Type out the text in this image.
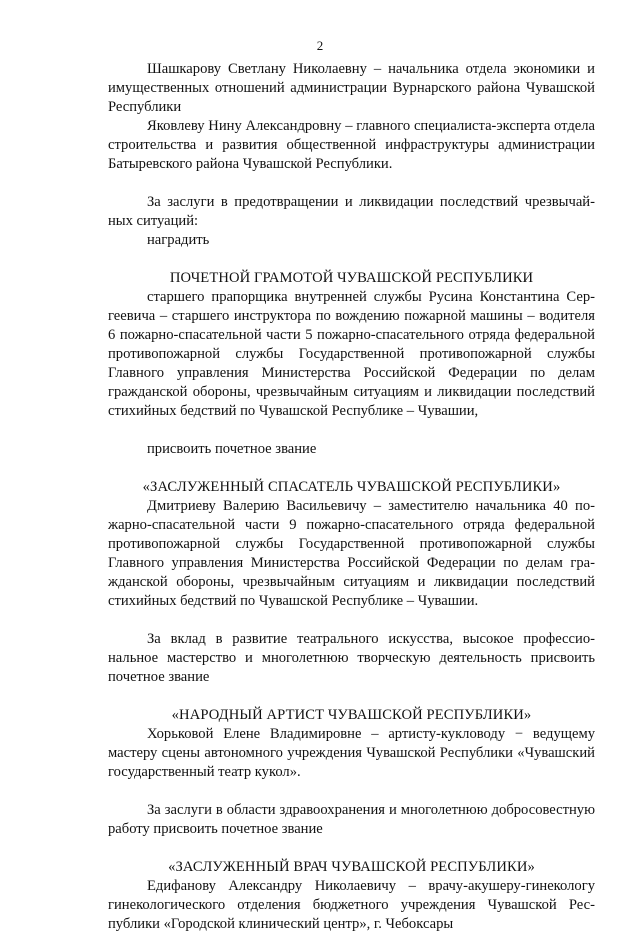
2

Шашкарову Светлану Николаевну – начальника отдела экономики и имущественных отношений администрации Вурнарского района Чувашской Республики

Яковлеву Нину Александровну – главного специалиста-эксперта отдела строительства и развития общественной инфраструктуры администрации Батыревского района Чувашской Республики.

За заслуги в предотвращении и ликвидации последствий чрезвычайных ситуаций:

наградить

ПОЧЕТНОЙ ГРАМОТОЙ ЧУВАШСКОЙ РЕСПУБЛИКИ

старшего прапорщика внутренней службы Русина Константина Сергеевича – старшего инструктора по вождению пожарной машины – водителя 6 пожарно-спасательной части 5 пожарно-спасательного отряда федеральной противопожарной службы Государственной противопожарной службы Главного управления Министерства Российской Федерации по делам гражданской обороны, чрезвычайным ситуациям и ликвидации последствий стихийных бедствий по Чувашской Республике – Чувашии,

присвоить почетное звание

«ЗАСЛУЖЕННЫЙ СПАСАТЕЛЬ ЧУВАШСКОЙ РЕСПУБЛИКИ»

Дмитриеву Валерию Васильевичу – заместителю начальника 40 пожарно-спасательной части 9 пожарно-спасательного отряда федеральной противопожарной службы Государственной противопожарной службы Главного управления Министерства Российской Федерации по делам гражданской обороны, чрезвычайным ситуациям и ликвидации последствий стихийных бедствий по Чувашской Республике – Чувашии.

За вклад в развитие театрального искусства, высокое профессиональное мастерство и многолетнюю творческую деятельность присвоить почетное звание

«НАРОДНЫЙ АРТИСТ ЧУВАШСКОЙ РЕСПУБЛИКИ»

Хорьковой Елене Владимировне – артисту-кукловоду − ведущему мастеру сцены автономного учреждения Чувашской Республики «Чувашский государственный театр кукол».

За заслуги в области здравоохранения и многолетнюю добросовестную работу присвоить почетное звание

«ЗАСЛУЖЕННЫЙ ВРАЧ ЧУВАШСКОЙ РЕСПУБЛИКИ»

Едифанову Александру Николаевичу – врачу-акушеру-гинекологу гинекологического отделения бюджетного учреждения Чувашской Республики «Городской клинический центр», г. Чебоксары
